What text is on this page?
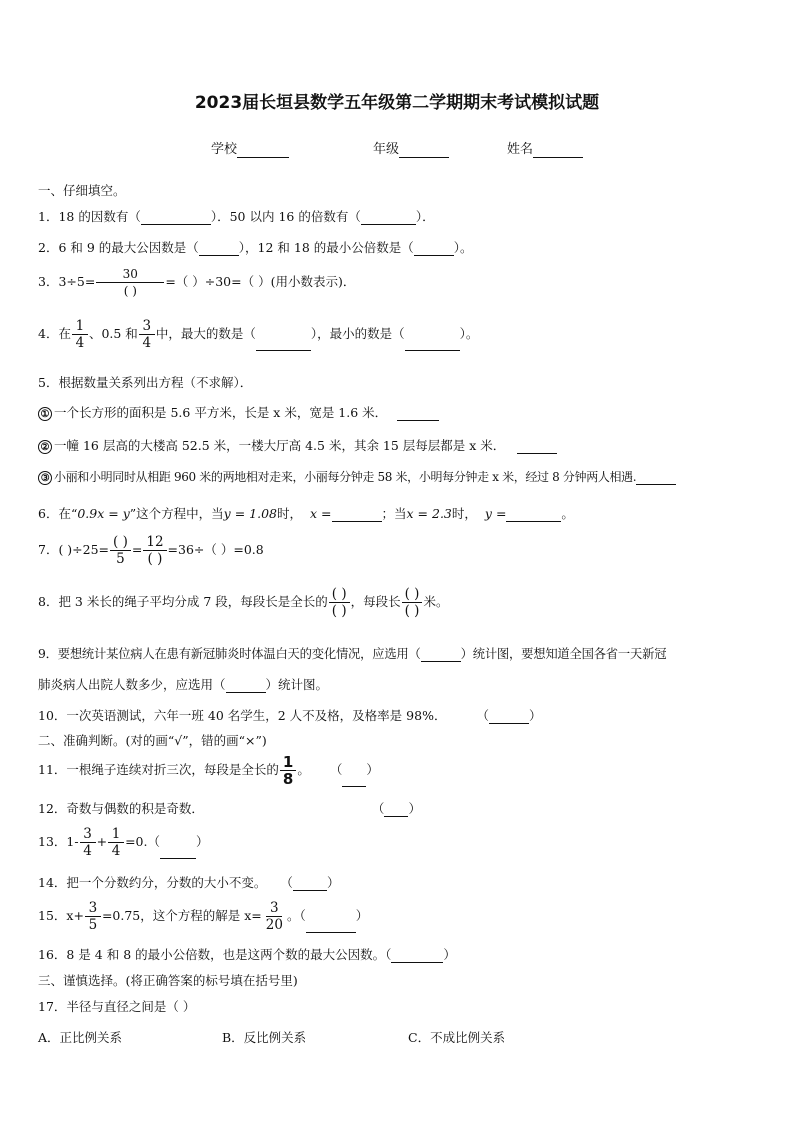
2023届长垣县数学五年级第二学期期末考试模拟试题
学校	年级	姓名
一、仔细填空。
1．18 的因数有（	）．50 以内 16 的倍数有（	）．
2．6 和 9 的最大公因数是（	），12 和 18 的最小公倍数是（	）。
3．$3\div 5= \frac{30}{( )}$ =（ ）÷30=（ ）(用小数表示)．
4．在 $\frac{1}{4}$ 、0.5 和 $\frac{3}{4}$ 中，最大的数是（	），最小的数是（	）。
5．根据数量关系列出方程（不求解）．
① 一个长方形的面积是 5.6 平方米，长是 x 米，宽是 1.6 米．
② 一幢 16 层高的大楼高 52.5 米，一楼大厅高 4.5 米，其余 15 层每层都是 x 米．
③ 小丽和小明同时从相距 960 米的两地相对走来，小丽每分钟走 58 米，小明每分钟走 x 米，经过 8 分钟两人相遇.
6．在“0.9x = y”这个方程中，当y = 1.08时， x =	；当x = 2.3时， y =	。
7．( )$\div 25= \frac{( )}{5} = \frac{12}{( )} =36\div$（ ）=0.8
8．把 3 米长的绳子平均分成 7 段，每段长是全长的 $\frac{( )}{( )}$ ，每段长 $\frac{( )}{( )}$ 米。
9．要想统计某位病人在患有新冠肺炎时体温白天的变化情况，应选用（	）统计图，要想知道全国各省一天新冠
肺炎病人出院人数多少，应选用（	）统计图。
10．一次英语测试，六年一班 40 名学生，2 人不及格，及格率是 98%． （	）
二、准确判断。(对的画“√”，错的画“×”)
11．一根绳子连续对折三次，每段是全长的 $\frac{1}{8}$ 。 （ ）
12．奇数与偶数的积是奇数．	（ ）
13．$1- \frac{3}{4} + \frac{1}{4} =0$.（	）
14．把一个分数约分，分数的大小不变。 （	）
15．$x+ \frac{3}{5} =0.75$，这个方程的解是 $x= \frac{3}{20}$ 。（	）
16．8 是 4 和 8 的最小公倍数，也是这两个数的最大公因数。（	）
三、谨慎选择。(将正确答案的标号填在括号里)
17．半径与直径之间是（ ）
A．正比例关系	B．反比例关系	C．不成比例关系
